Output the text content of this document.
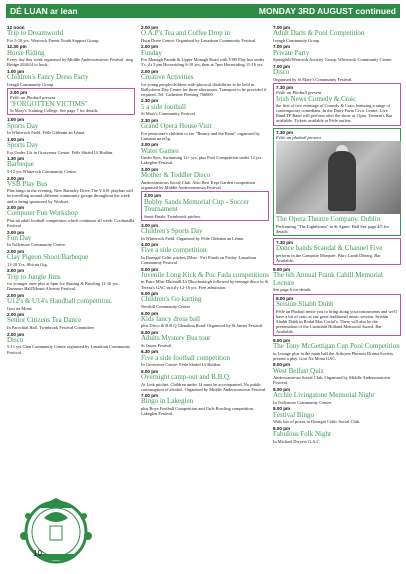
DÉ LUAN ar lean	MONDAY 3RD AUGUST continued
12 noon
Trip to Dreamworld
For 5-10 yrs. Westrock Parent Youth Support Group.
12.30 pm
Horse Riding
Every day this week organised by Middle Andersonstown Festival. ring Bridge 202614 to book.
1.00 pm
Children's Fancy Dress Party
Iveagh Community Group
2.00 pm
Féile an Phobail present
"FORGOTTEN VICTIMS"
St Mary's Training College. See page 7 for details.
1.00 pm
Sports Day
In Whiterock Field. Féile Ghleann an Léana
1.00 pm
Sports Day
For Under 12s in Grosvenor Centre. Féile Shráid Uí Rodáin.
1.30 pm
Barbeque
5-12 yrs Whiterock Community Centre.
2.00 pm
VSB Play Bus
Plus bingo in the evening. New Barnsley Drive.The V.S.B. playbus will be travelling around different community groups throughout the week and is being sponsored by Workset.
2.00 pm
Computer Fun Workshop
Plus an adult football competition which continues all week. Coolnasilla Festival
2.00 pm
Fun Day
In Tullymore Community Centre.
2.00 pm
Clay Pigeon Shoot/Barbeque
12-18 Yrs. Sliú na Gig.
2.00 pm
Trip to Jungle Jims
for younger ones plus at 6pm Ice Skating & Bowling 11-16 yrs. Dunmurr Hall/Mount Alverno Festival.
2.00 pm
U12's & U14's Handball competition.
Gort na Mona
2.00 pm
Senior Citizens Tea Dance
In Parochial Hall. Twinbrook Festival Committee.
2.00 pm
Disco
5-11 yrs Glen Community Centre organised by Lenadoon Community Festival.
2.00 pm
O.A.P's Tea and Coffee Drop in
Horn Drive Centre. Organised by Lenadoon Community Festival.
2.00 pm
Funday
For Monagh Parade & Upper Monagh Road with VSB Play bus under 5's. At 5 pm Horseriding 6-10 yrs, then at 7pm Horseriding 11-16 yrs.
2.00 pm
Creative Activities
for young people/children with physical disabilities to be held in Ballydown Day Centre for three afternoons. Transport to be provided if required. Tel: Catherine Fleming 766000
2.30 pm
5 a side football
St Mary's Community Festival.
2.30 pm
Grand Opera House Visit
For pensioner's children to see "Beauty and the Beast" organised by Cumann na nÓg.
3.00 pm
Water Games
Under 8yrs, Swimming 12+ yrs, plus Pool Competition under 12 yrs. Lakeglen Festival.
3.00 pm
Mother & Toddler Disco
Andersonstown Social Club. Also Best Kept Garden competition organised by Middle Andersonstown Festival.
3.00 pm
Bobby Sands Memorial Cup - Soccer Tournament
Semi-Finals. Twinbrook pitches.
3.00 pm
Children's Sports Day
In Whiterock Field. Organised by Féile Ghleann an Léana.
4.00 pm
Five a side competition
In Donegal Celtic pitches (Mon - Fri) Finals on Friday. Lenadoon Community Festival.
5.00 pm
Juvenile Long Kick & Poc Fada competitions
in Pairc Mhic Dhónaill/Ui Dhochartaigh followed by teenage disco in St Teresa's GAC strictly 12-16 yrs. Free admission.
5.00 pm
Children's Go karting
Newhill Community Centre
6.00 pm
Kids fancy dress ball
plus Disco & B.B.Q Glenalina Road. Organised by St James Festival.
6.00 pm
Adults Mystery Bus tour
St James Festival.
6.30 pm
Five a side football competition
In Grosvenor Centre. Féile Shráid Uí Rodáin.
6.00 pm
Overnight camp-out and B.B.Q.
At Link pitches. Children under 14 must be accompanied. No public consumption of alcohol. Organised by Middle Andersonstown Festival.
7.00 pm
Bingo in Lakeglen
plus Boys Football Competition and Girls Bowling competition. Lakeglen Festival.
7.00 pm
Adult Darts & Pool Competition
Iveagh Community Group
7.00 pm
Private Party
Springhill/Westrock Activity Group. Whiterock Community Centre.
7.00 pm
Disco
Organised by St Mary's Community Festival.
7.30 pm
Féile an Phobail present
Irish News Comedy & Craic
the first of two evenings of Comedy & Craic featuring a range of contemporary comedians. In the Dairy Farm Civic Centre. Live Band TP Band will perform after the show at 11pm. Tennent's Bar available. Tickets available at Féile outlets.
7.30 pm
Féile an phobail present
The Opera Theatre Company, Dublin
Performing "The Lighthouse" in St Agnes' Hall See page 4/5 for details.
7.30 pm
Dance bands Scandal & Channel Five
perform in the Campsite Marquee. Páirc Lamh Dhearg. Bar Available.
8.00 pm
The 6th Annual Frank Cahill Memorial Lecture
See page 6 for details
8.00 pm
Seisiún Sliabh Dubh
Féile an Phobail invite you to bring along your instruments and we'll have a bit of craic at our great traditional music session. Seisiún Sliabh Dubh in Rodaí Mac Corlaí's. There will also be the presentation of the Caoimhín Holland Memorial Award. Bar Available.
8.00 pm
The Tony McGettigan Cup Pool Competition
in Lounge plus in the main hall the Ardoyne Phoenix Drama Society present a play. Gort Na Mona GAC.
8.00 pm
West Belfast Quiz
Andersonstown Social Club. Organised by Middle Andersonstown Festival.
8.00 pm
Archie Livingstone Memorial Night
In Tullymore Community Centre.
8.00 pm
Festival Bingo
With lots of prizes in Donegal Celtic Social Club.
8.00 pm
Fabulous Folk Night
In Michael Dwyers G.A.C.
10
